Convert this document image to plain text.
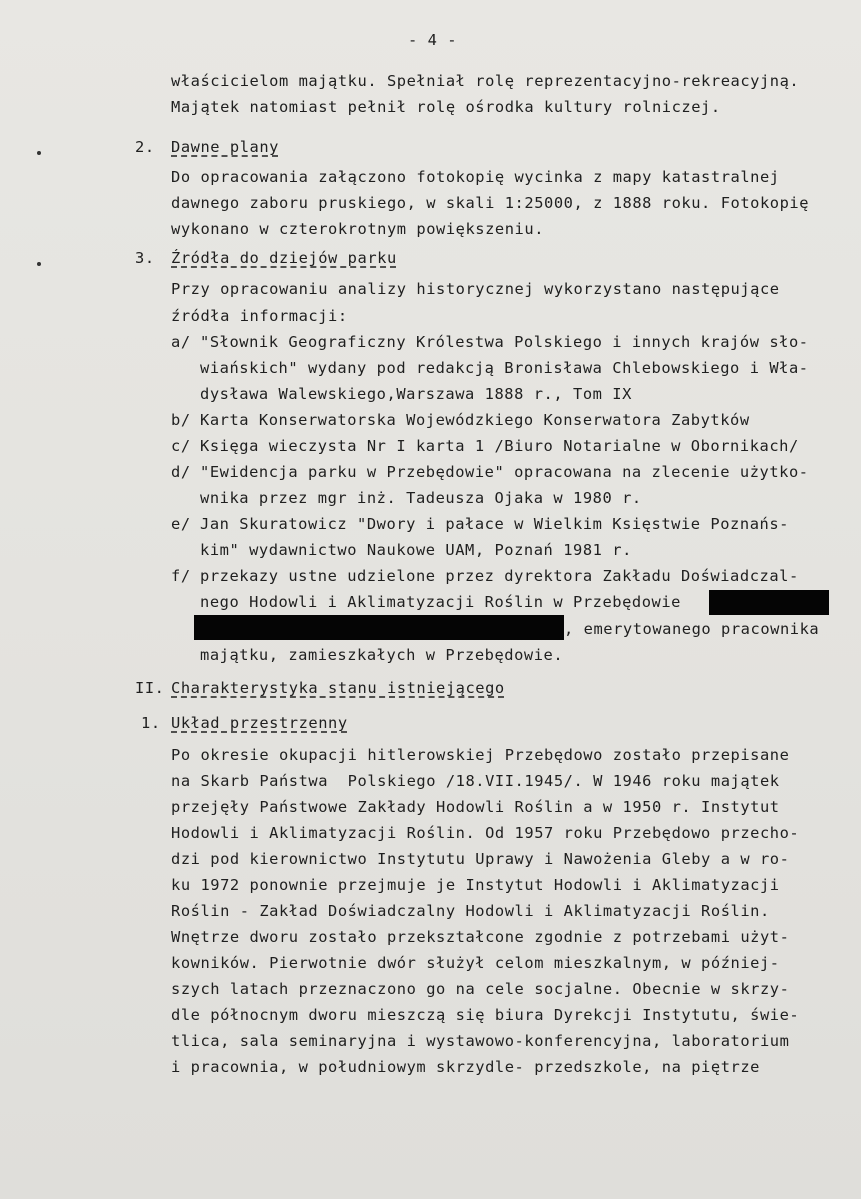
- 4 -
właścicielom majątku. Spełniał rolę reprezentacyjno-rekreacyjną.
Majątek natomiast pełnił rolę ośrodka kultury rolniczej.
2. Dawne plany
Do opracowania załączono fotokopię wycinka z mapy katastralnej
dawnego zaboru pruskiego, w skali 1:25000, z 1888 roku. Fotokopię
wykonano w czterokrotnym powiększeniu.
3. Źródła do dziejów parku
Przy opracowaniu analizy historycznej wykorzystano następujące
źródła informacji:
a/ "Słownik Geograficzny Królestwa Polskiego i innych krajów sło-
wiańskich" wydany pod redakcją Bronisława Chlebowskiego i Wła-
dysława Walewskiego,Warszawa 1888 r., Tom IX
b/ Karta Konserwatorska Wojewódzkiego Konserwatora Zabytków
c/ Księga wieczysta Nr I karta 1 /Biuro Notarialne w Obornikach/
d/ "Ewidencja parku w Przebędowie" opracowana na zlecenie użytko-
wnika przez mgr inż. Tadeusza Ojaka w 1980 r.
e/ Jan Skuratowicz "Dwory i pałace w Wielkim Księstwie Poznańs-
kim" wydawnictwo Naukowe UAM, Poznań 1981 r.
f/ przekazy ustne udzielone przez dyrektora Zakładu Doświadczal-
nego Hodowli i Aklimatyzacji Roślin w Przebędowie
, emerytowanego pracownika
majątku, zamieszkałych w Przebędowie.
II. Charakterystyka stanu istniejącego
1. Układ przestrzenny
Po okresie okupacji hitlerowskiej Przebędowo zostało przepisane
na Skarb Państwa  Polskiego /18.VII.1945/. W 1946 roku majątek
przejęły Państwowe Zakłady Hodowli Roślin a w 1950 r. Instytut
Hodowli i Aklimatyzacji Roślin. Od 1957 roku Przebędowo przecho-
dzi pod kierownictwo Instytutu Uprawy i Nawożenia Gleby a w ro-
ku 1972 ponownie przejmuje je Instytut Hodowli i Aklimatyzacji
Roślin - Zakład Doświadczalny Hodowli i Aklimatyzacji Roślin.
Wnętrze dworu zostało przekształcone zgodnie z potrzebami użyt-
kowników. Pierwotnie dwór służył celom mieszkalnym, w później-
szych latach przeznaczono go na cele socjalne. Obecnie w skrzy-
dle północnym dworu mieszczą się biura Dyrekcji Instytutu, świe-
tlica, sala seminaryjna i wystawowo-konferencyjna, laboratorium
i pracownia, w południowym skrzydle- przedszkole, na piętrze
